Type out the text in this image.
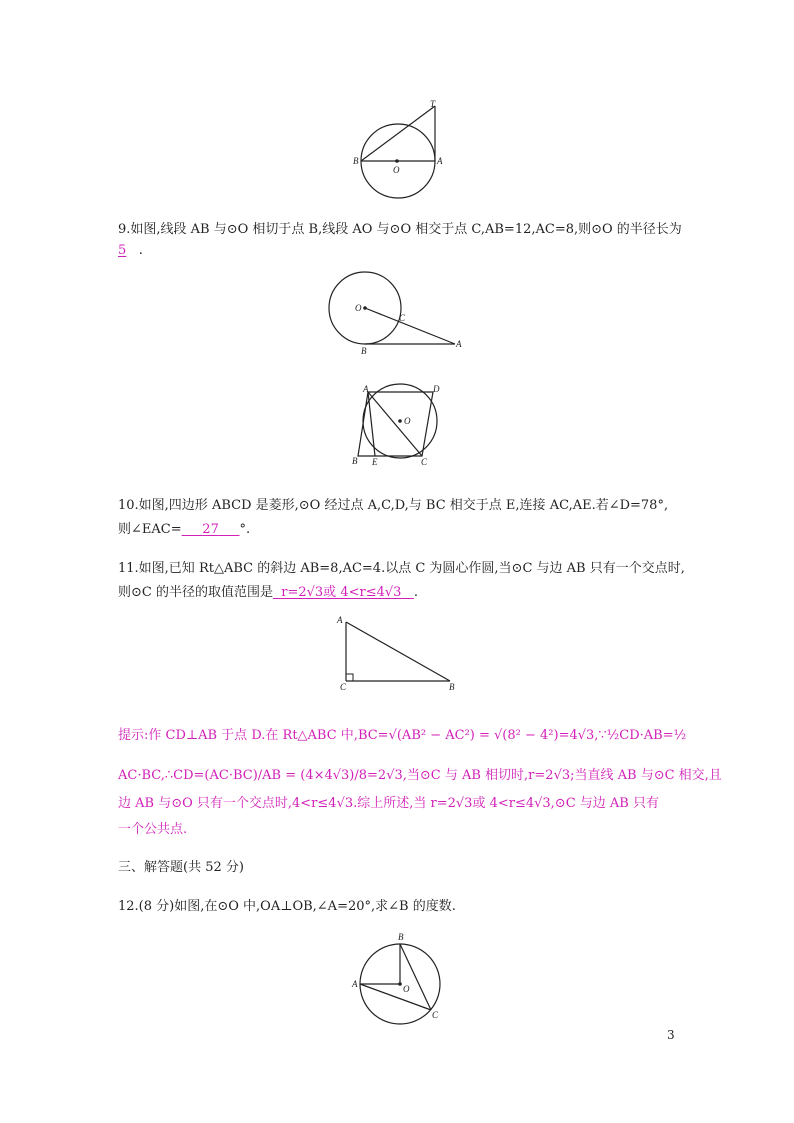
T
B
O
A
9.如图,线段 AB 与⊙O 相切于点 B,线段 AO 与⊙O 相交于点 C,AB=12,AC=8,则⊙O 的半径长为
5 .
O
C
B
A
A	D
O
B E	C
10.如图,四边形 ABCD 是菱形,⊙O 经过点 A,C,D,与 BC 相交于点 E,连接 AC,AE.若∠D=78°,
则∠EAC= 27 °.
11.如图,已知 Rt△ABC 的斜边 AB=8,AC=4.以点 C 为圆心作圆,当⊙C 与边 AB 只有一个交点时,
则⊙C 的半径的取值范围是 r=2√3或 4<r≤4√3 .
A
C	B
提示:作 CD⊥AB 于点 D.在 Rt△ABC 中,BC=√(AB² − AC²) = √(8² − 4²)=4√3,∵½CD·AB=½
AC·BC,∴CD=(AC·BC)/AB = (4×4√3)/8=2√3,当⊙C 与 AB 相切时,r=2√3;当直线 AB 与⊙C 相交,且
边 AB 与⊙O 只有一个交点时,4<r≤4√3.综上所述,当 r=2√3或 4<r≤4√3,⊙C 与边 AB 只有
一个公共点.
三、解答题(共 52 分)
12.(8 分)如图,在⊙O 中,OA⊥OB,∠A=20°,求∠B 的度数.
B
A	O
C
3
